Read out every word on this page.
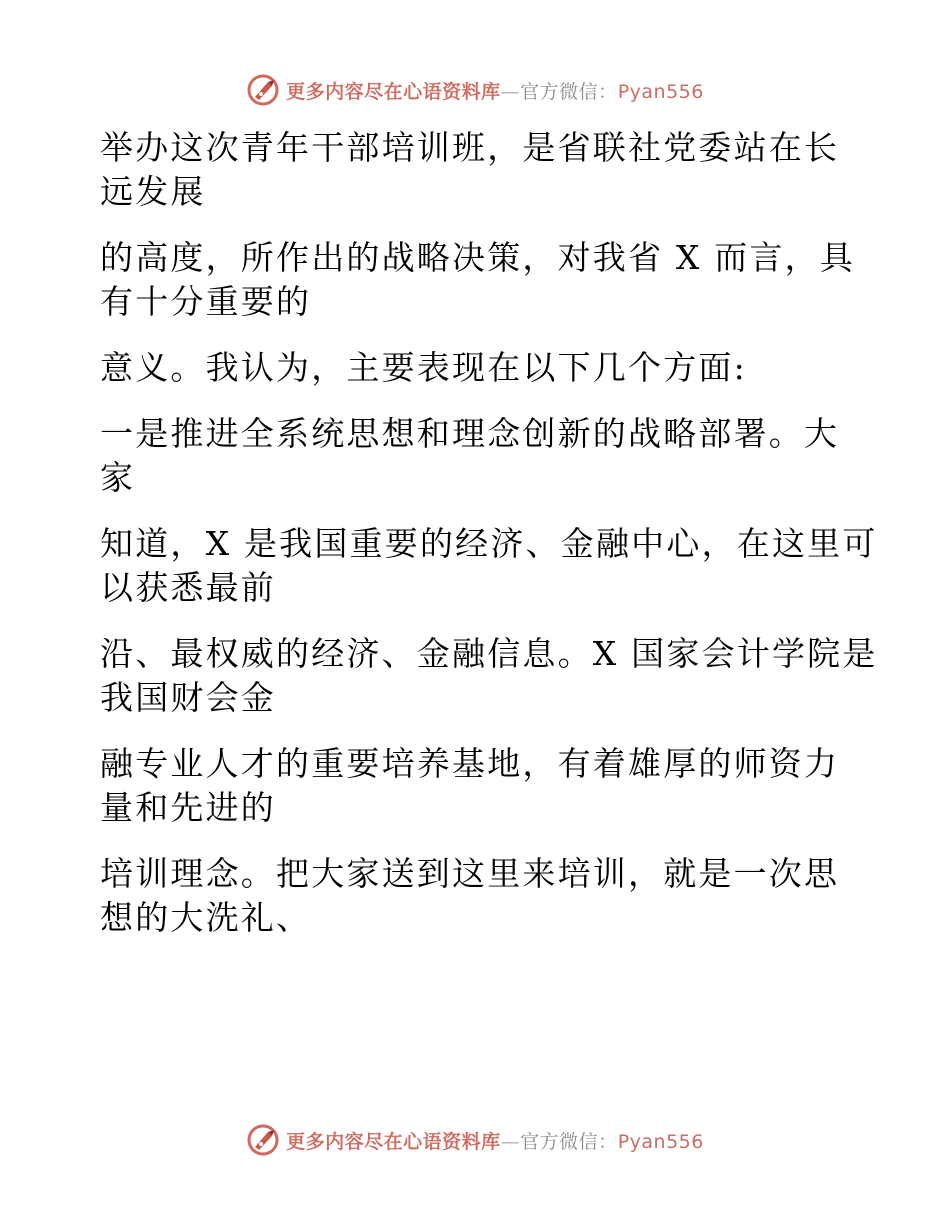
更多内容尽在心语资料库—官方微信：Pyan556
举办这次青年干部培训班，是省联社党委站在长
远发展
的高度，所作出的战略决策，对我省 X 而言，具
有十分重要的
意义。我认为，主要表现在以下几个方面:
一是推进全系统思想和理念创新的战略部署。大
家
知道，X 是我国重要的经济、金融中心，在这里可
以获悉最前
沿、最权威的经济、金融信息。X 国家会计学院是
我国财会金
融专业人才的重要培养基地，有着雄厚的师资力
量和先进的
培训理念。把大家送到这里来培训，就是一次思
想的大洗礼、
更多内容尽在心语资料库—官方微信：Pyan556
